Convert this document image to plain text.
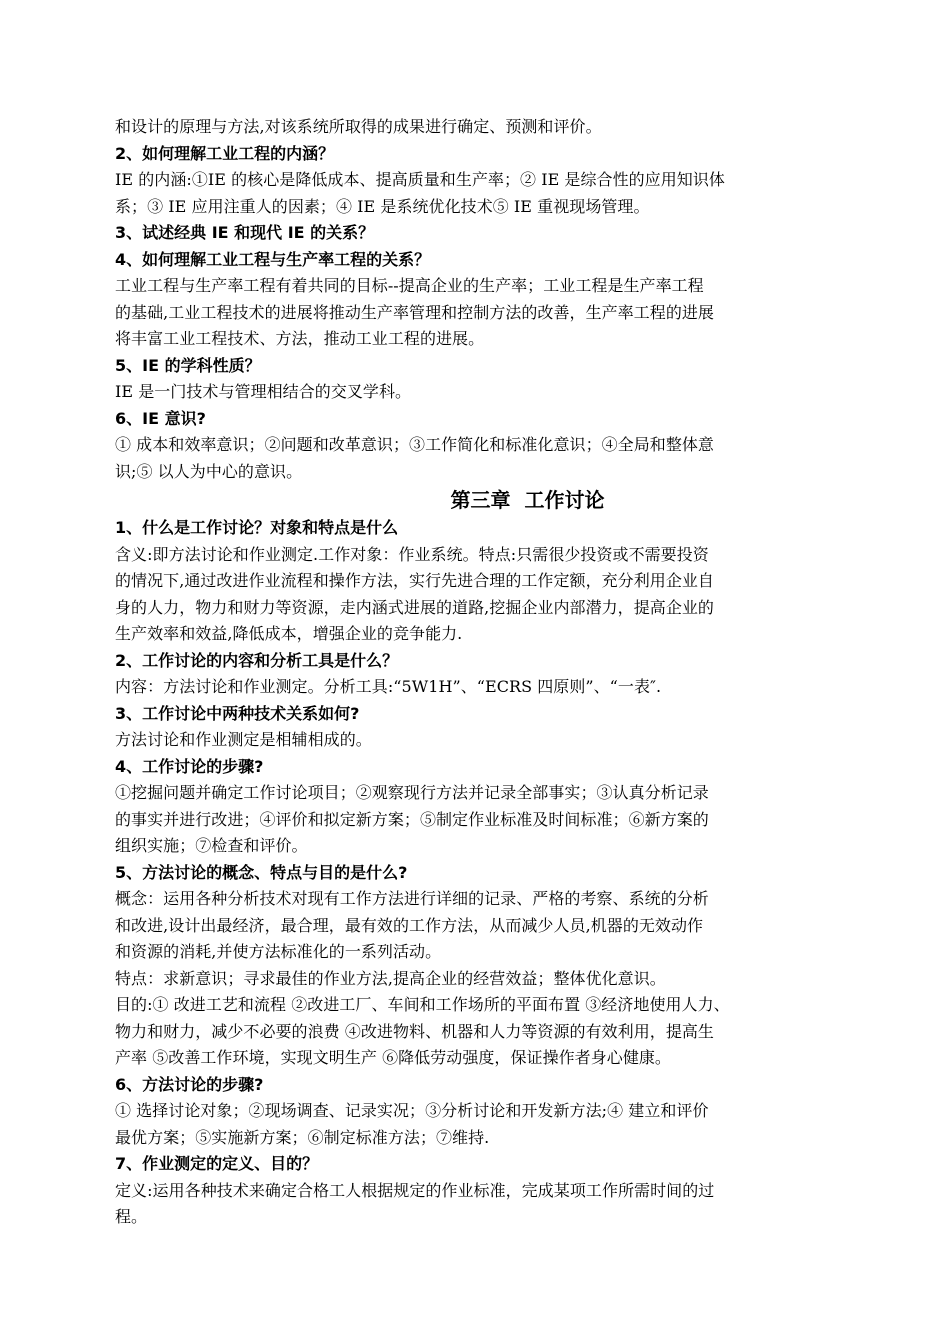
和设计的原理与方法,对该系统所取得的成果进行确定、预测和评价。
2、如何理解工业工程的内涵？
IE 的内涵:①IE 的核心是降低成本、提高质量和生产率；② IE 是综合性的应用知识体
系；③ IE 应用注重人的因素；④ IE 是系统优化技术⑤ IE 重视现场管理。
3、试述经典 IE 和现代 IE 的关系？
4、如何理解工业工程与生产率工程的关系？
工业工程与生产率工程有着共同的目标--提高企业的生产率；工业工程是生产率工程
的基础,工业工程技术的进展将推动生产率管理和控制方法的改善，生产率工程的进展
将丰富工业工程技术、方法，推动工业工程的进展。
5、IE 的学科性质？
IE 是一门技术与管理相结合的交叉学科。
6、IE 意识?
① 成本和效率意识；②问题和改革意识；③工作简化和标准化意识；④全局和整体意
识;⑤ 以人为中心的意识。
第三章  工作讨论
1、什么是工作讨论？对象和特点是什么
含义:即方法讨论和作业测定.工作对象：作业系统。特点:只需很少投资或不需要投资
的情况下,通过改进作业流程和操作方法，实行先进合理的工作定额，充分利用企业自
身的人力，物力和财力等资源，走内涵式进展的道路,挖掘企业内部潜力，提高企业的
生产效率和效益,降低成本，增强企业的竞争能力.
2、工作讨论的内容和分析工具是什么？
内容：方法讨论和作业测定。分析工具:“5W1H”、“ECRS 四原则”、“一表″.
3、工作讨论中两种技术关系如何?
方法讨论和作业测定是相辅相成的。
4、工作讨论的步骤?
①挖掘问题并确定工作讨论项目；②观察现行方法并记录全部事实；③认真分析记录
的事实并进行改进；④评价和拟定新方案；⑤制定作业标准及时间标准；⑥新方案的
组织实施；⑦检查和评价。
5、方法讨论的概念、特点与目的是什么?
概念：运用各种分析技术对现有工作方法进行详细的记录、严格的考察、系统的分析
和改进,设计出最经济，最合理，最有效的工作方法，从而减少人员,机器的无效动作
和资源的消耗,并使方法标准化的一系列活动。
特点：求新意识；寻求最佳的作业方法,提高企业的经营效益；整体优化意识。
目的:① 改进工艺和流程 ②改进工厂、车间和工作场所的平面布置 ③经济地使用人力、
物力和财力，减少不必要的浪费 ④改进物料、机器和人力等资源的有效利用，提高生
产率 ⑤改善工作环境，实现文明生产 ⑥降低劳动强度，保证操作者身心健康。
6、方法讨论的步骤?
① 选择讨论对象；②现场调查、记录实况；③分析讨论和开发新方法;④ 建立和评价
最优方案；⑤实施新方案；⑥制定标准方法；⑦维持.
7、作业测定的定义、目的？
定义:运用各种技术来确定合格工人根据规定的作业标准，完成某项工作所需时间的过
程。
